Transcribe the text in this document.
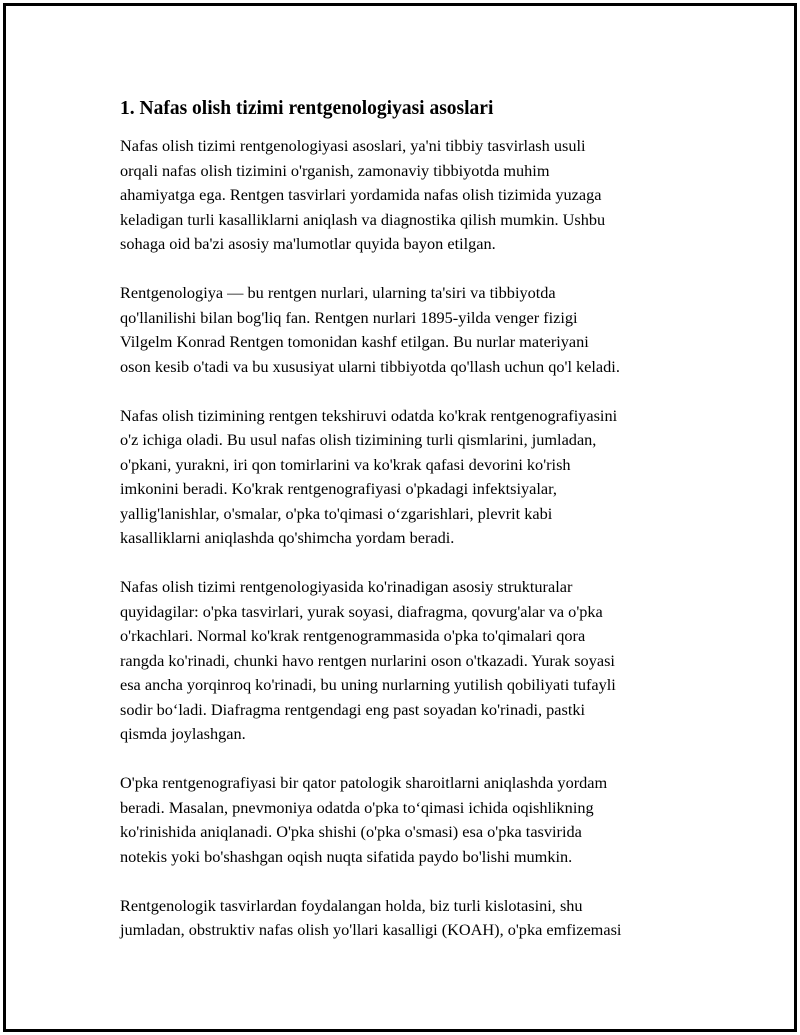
1. Nafas olish tizimi rentgenologiyasi asoslari

Nafas olish tizimi rentgenologiyasi asoslari, ya'ni tibbiy tasvirlash usuli
orqali nafas olish tizimini o'rganish, zamonaviy tibbiyotda muhim
ahamiyatga ega. Rentgen tasvirlari yordamida nafas olish tizimida yuzaga
keladigan turli kasalliklarni aniqlash va diagnostika qilish mumkin. Ushbu
sohaga oid ba'zi asosiy ma'lumotlar quyida bayon etilgan.

Rentgenologiya — bu rentgen nurlari, ularning ta'siri va tibbiyotda
qo'llanilishi bilan bog'liq fan. Rentgen nurlari 1895-yilda venger fizigi
Vilgelm Konrad Rentgen tomonidan kashf etilgan. Bu nurlar materiyani
oson kesib o'tadi va bu xususiyat ularni tibbiyotda qo'llash uchun qo'l keladi.

Nafas olish tizimining rentgen tekshiruvi odatda ko'krak rentgenografiyasini
o'z ichiga oladi. Bu usul nafas olish tizimining turli qismlarini, jumladan,
o'pkani, yurakni, iri qon tomirlarini va ko'krak qafasi devorini ko'rish
imkonini beradi. Ko'krak rentgenografiyasi o'pkadagi infektsiyalar,
yallig'lanishlar, o'smalar, o'pka to'qimasi o‘zgarishlari, plevrit kabi
kasalliklarni aniqlashda qo'shimcha yordam beradi.

Nafas olish tizimi rentgenologiyasida ko'rinadigan asosiy strukturalar
quyidagilar: o'pka tasvirlari, yurak soyasi, diafragma, qovurg'alar va o'pka
o'rkachlari. Normal ko'krak rentgenogrammasida o'pka to'qimalari qora
rangda ko'rinadi, chunki havo rentgen nurlarini oson o'tkazadi. Yurak soyasi
esa ancha yorqinroq ko'rinadi, bu uning nurlarning yutilish qobiliyati tufayli
sodir bo‘ladi. Diafragma rentgendagi eng past soyadan ko'rinadi, pastki
qismda joylashgan.

O'pka rentgenografiyasi bir qator patologik sharoitlarni aniqlashda yordam
beradi. Masalan, pnevmoniya odatda o'pka to‘qimasi ichida oqishlikning
ko'rinishida aniqlanadi. O'pka shishi (o'pka o'smasi) esa o'pka tasvirida
notekis yoki bo'shashgan oqish nuqta sifatida paydo bo'lishi mumkin.

Rentgenologik tasvirlardan foydalangan holda, biz turli kislotasini, shu
jumladan, obstruktiv nafas olish yo'llari kasalligi (KOAH), o'pka emfizemasi
